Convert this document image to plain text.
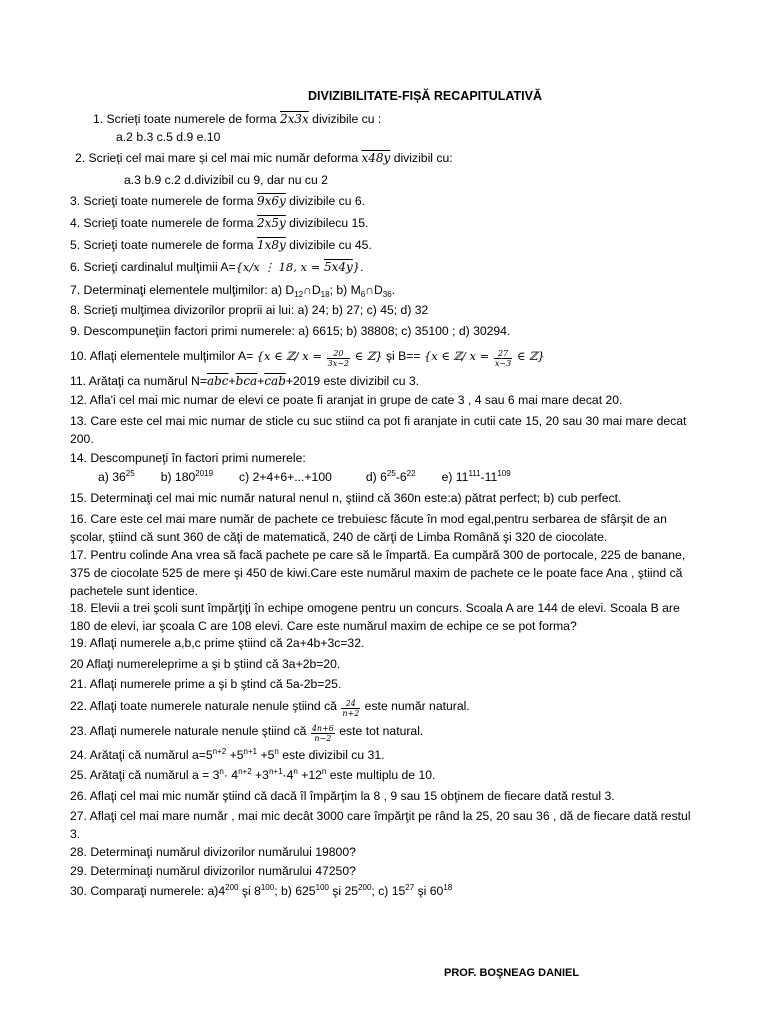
DIVIZIBILITATE-FIȘĂ RECAPITULATIVĂ
1. Scrieți toate numerele de forma 2x3x divizibile cu :
a.2 b.3 c.5 d.9 e.10
2. Scrieți cel mai mare și cel mai mic număr deforma x48y divizibil cu:
a.3 b.9 c.2 d.divizibil cu 9, dar nu cu 2
3. Scrieţi toate numerele de forma 9x6y divizibile cu 6.
4. Scrieţi toate numerele de forma 2x5y divizibilecu 15.
5. Scrieţi toate numerele de forma 1x8y divizibile cu 45.
6. Scrieţi cardinalul mulţimii A={x/x ⋮ 18, x = 5x4y}.
7. Determinaţi elementele mulţimilor: a) $D_{12}\cap D_{18}$; b) $M_6\cap D_{36}$.
8. Scrieţi mulţimea divizorilor proprii ai lui: a) 24; b) 27; c) 45; d) 32
9. Descompuneţiin factori primi numerele: a) 6615; b) 38808; c) 35100 ; d) 30294.
10. Aflaţi elementele mulţimilor A= {x ∈ ℤ/ $x = \frac{20}{3x-2}$ ∈ ℤ} şi B== {x ∈ ℤ/ $x = \frac{27}{x-3}$ ∈ ℤ}
11. Arătaţi ca numărul $N=\overline{abc}+\overline{bca}+\overline{cab}+2019$ este divizibil cu 3.
12. Afla'i cel mai mic numar de elevi ce poate fi aranjat in grupe de cate 3 , 4 sau 6 mai mare decat 20.
13. Care este cel mai mic numar de sticle cu suc stiind ca pot fi aranjate in cutii cate 15, 20 sau 30 mai mare decat 200.
14. Descompuneţi în factori primi numerele:
a) $36^{25}$ b) $180^{2019}$ c) 2+4+6+...+100	d) $6^{25}-6^{22}$ e) $11^{111}-11^{109}$
15. Determinaţi cel mai mic număr natural nenul n, ştiind că 360n este:a) pătrat perfect; b) cub perfect.
16. Care este cel mai mare număr de pachete ce trebuiesc făcute în mod egal,pentru serbarea de sfârşit de an şcolar, ştiind că sunt 360 de căţi de matematică, 240 de cărţi de Limba Română şi 320 de ciocolate.
17. Pentru colinde Ana vrea să facă pachete pe care să le împartă. Ea cumpără 300 de portocale, 225 de banane, 375 de ciocolate 525 de mere şi 450 de kiwi.Care este numărul maxim de pachete ce le poate face Ana , ştiind că pachetele sunt identice.
18. Elevii a trei şcoli sunt împărţiţi în echipe omogene pentru un concurs. Scoala A are 144 de elevi. Scoala B are 180 de elevi, iar şcoala C are 108 elevi. Care este numărul maxim de echipe ce se pot forma?
19. Aflaţi numerele a,b,c prime ştiind că 2a+4b+3c=32.
20 Aflaţi numereleprime a şi b ştiind că 3a+2b=20.
21. Aflaţi numerele prime a şi b ştind că 5a-2b=25.
22. Aflaţi toate numerele naturale nenule ştiind că $\frac{24}{n+2}$ este număr natural.
23. Aflaţi numerele naturale nenule ştiind că $\frac{4n+6}{n-2}$ este tot natural.
24. Arătaţi că numărul $a=5^{n+2} +5^{n+1} +5^n$ este divizibil cu 31.
25. Arătaţi că numărul $a = 3^n\cdot 4^{n+2} +3^{n+1}\cdot 4^n +12^n$ este multiplu de 10.
26. Aflaţi cel mai mic număr ştiind că dacă îl împărţim la 8 , 9 sau 15 obţinem de fiecare dată restul 3.
27. Aflaţi cel mai mare număr , mai mic decât 3000 care împărţit pe rând la 25, 20 sau 36 , dă de fiecare dată restul 3.
28. Determinaţi numărul divizorilor numărului 19800?
29. Determinaţi numărul divizorilor numărului 47250?
30. Comparaţi numerele: $a)4^{200}$ şi $8^{100}$; b) $625^{100}$ şi $25^{200}$; c) $15^{27}$ şi $60^{18}$
PROF. BOŞNEAG DANIEL
